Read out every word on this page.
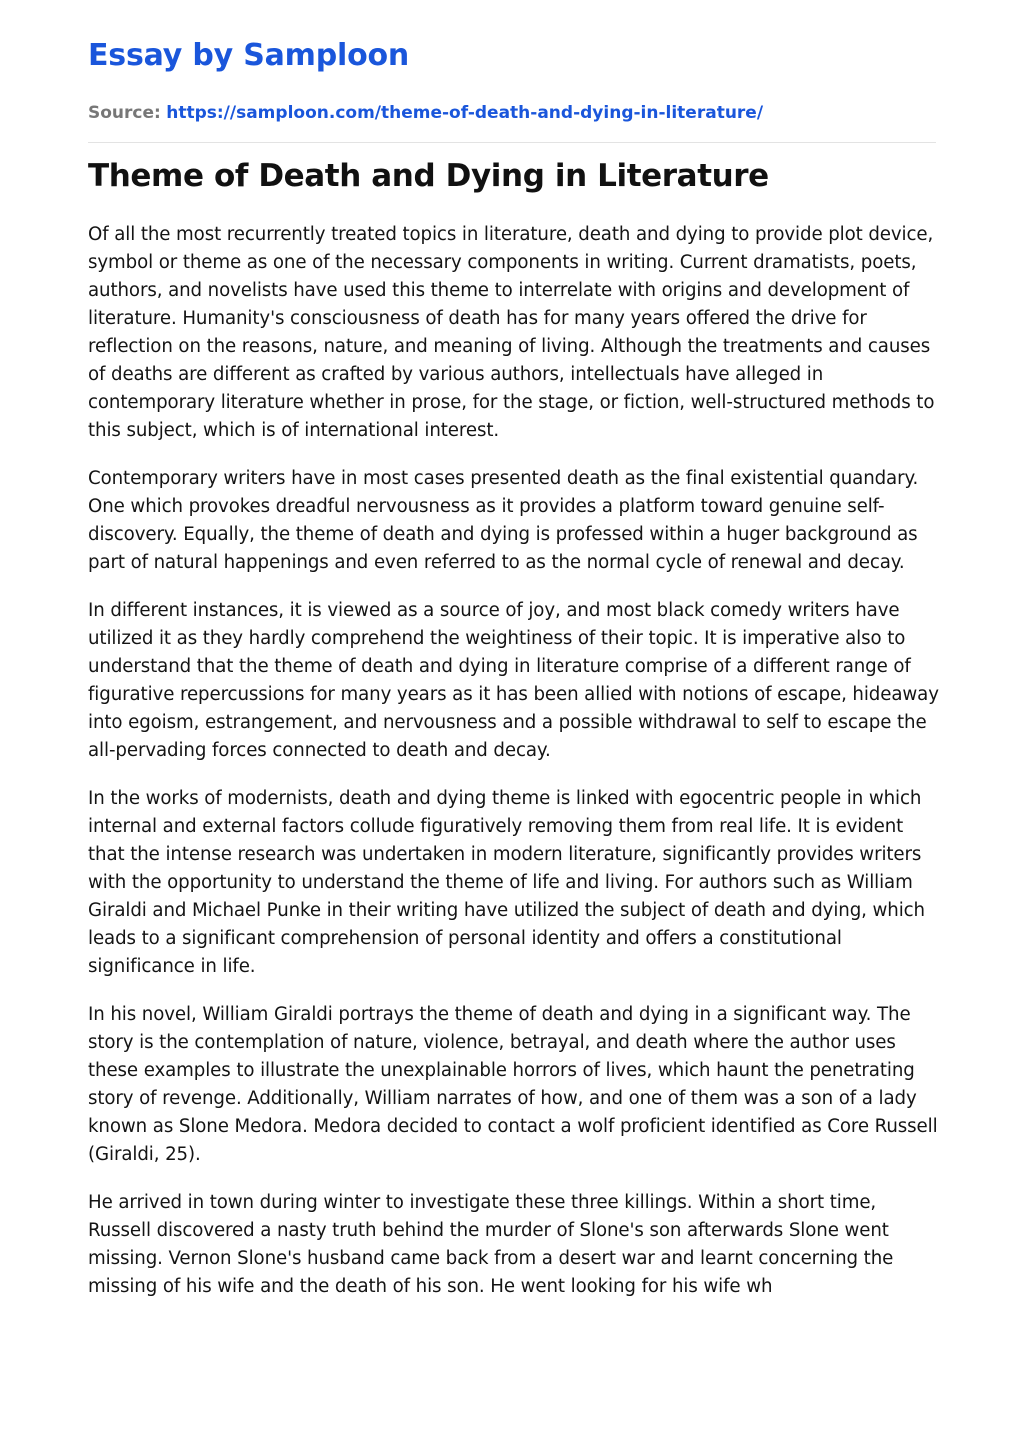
Essay by Samploon
Source: https://samploon.com/theme-of-death-and-dying-in-literature/
Theme of Death and Dying in Literature

Of all the most recurrently treated topics in literature, death and dying to provide plot device, symbol or theme as one of the necessary components in writing. Current dramatists, poets, authors, and novelists have used this theme to interrelate with origins and development of literature. Humanity's consciousness of death has for many years offered the drive for reflection on the reasons, nature, and meaning of living. Although the treatments and causes of deaths are different as crafted by various authors, intellectuals have alleged in contemporary literature whether in prose, for the stage, or fiction, well-structured methods to this subject, which is of international interest.

Contemporary writers have in most cases presented death as the final existential quandary. One which provokes dreadful nervousness as it provides a platform toward genuine self-discovery. Equally, the theme of death and dying is professed within a huger background as part of natural happenings and even referred to as the normal cycle of renewal and decay.

In different instances, it is viewed as a source of joy, and most black comedy writers have utilized it as they hardly comprehend the weightiness of their topic. It is imperative also to understand that the theme of death and dying in literature comprise of a different range of figurative repercussions for many years as it has been allied with notions of escape, hideaway into egoism, estrangement, and nervousness and a possible withdrawal to self to escape the all-pervading forces connected to death and decay.

In the works of modernists, death and dying theme is linked with egocentric people in which internal and external factors collude figuratively removing them from real life. It is evident that the intense research was undertaken in modern literature, significantly provides writers with the opportunity to understand the theme of life and living. For authors such as William Giraldi and Michael Punke in their writing have utilized the subject of death and dying, which leads to a significant comprehension of personal identity and offers a constitutional significance in life.

In his novel, William Giraldi portrays the theme of death and dying in a significant way. The story is the contemplation of nature, violence, betrayal, and death where the author uses these examples to illustrate the unexplainable horrors of lives, which haunt the penetrating story of revenge. Additionally, William narrates of how, and one of them was a son of a lady known as Slone Medora. Medora decided to contact a wolf proficient identified as Core Russell (Giraldi, 25).

He arrived in town during winter to investigate these three killings. Within a short time, Russell discovered a nasty truth behind the murder of Slone's son afterwards Slone went missing. Vernon Slone's husband came back from a desert war and learnt concerning the missing of his wife and the death of his son. He went looking for his wife wh
